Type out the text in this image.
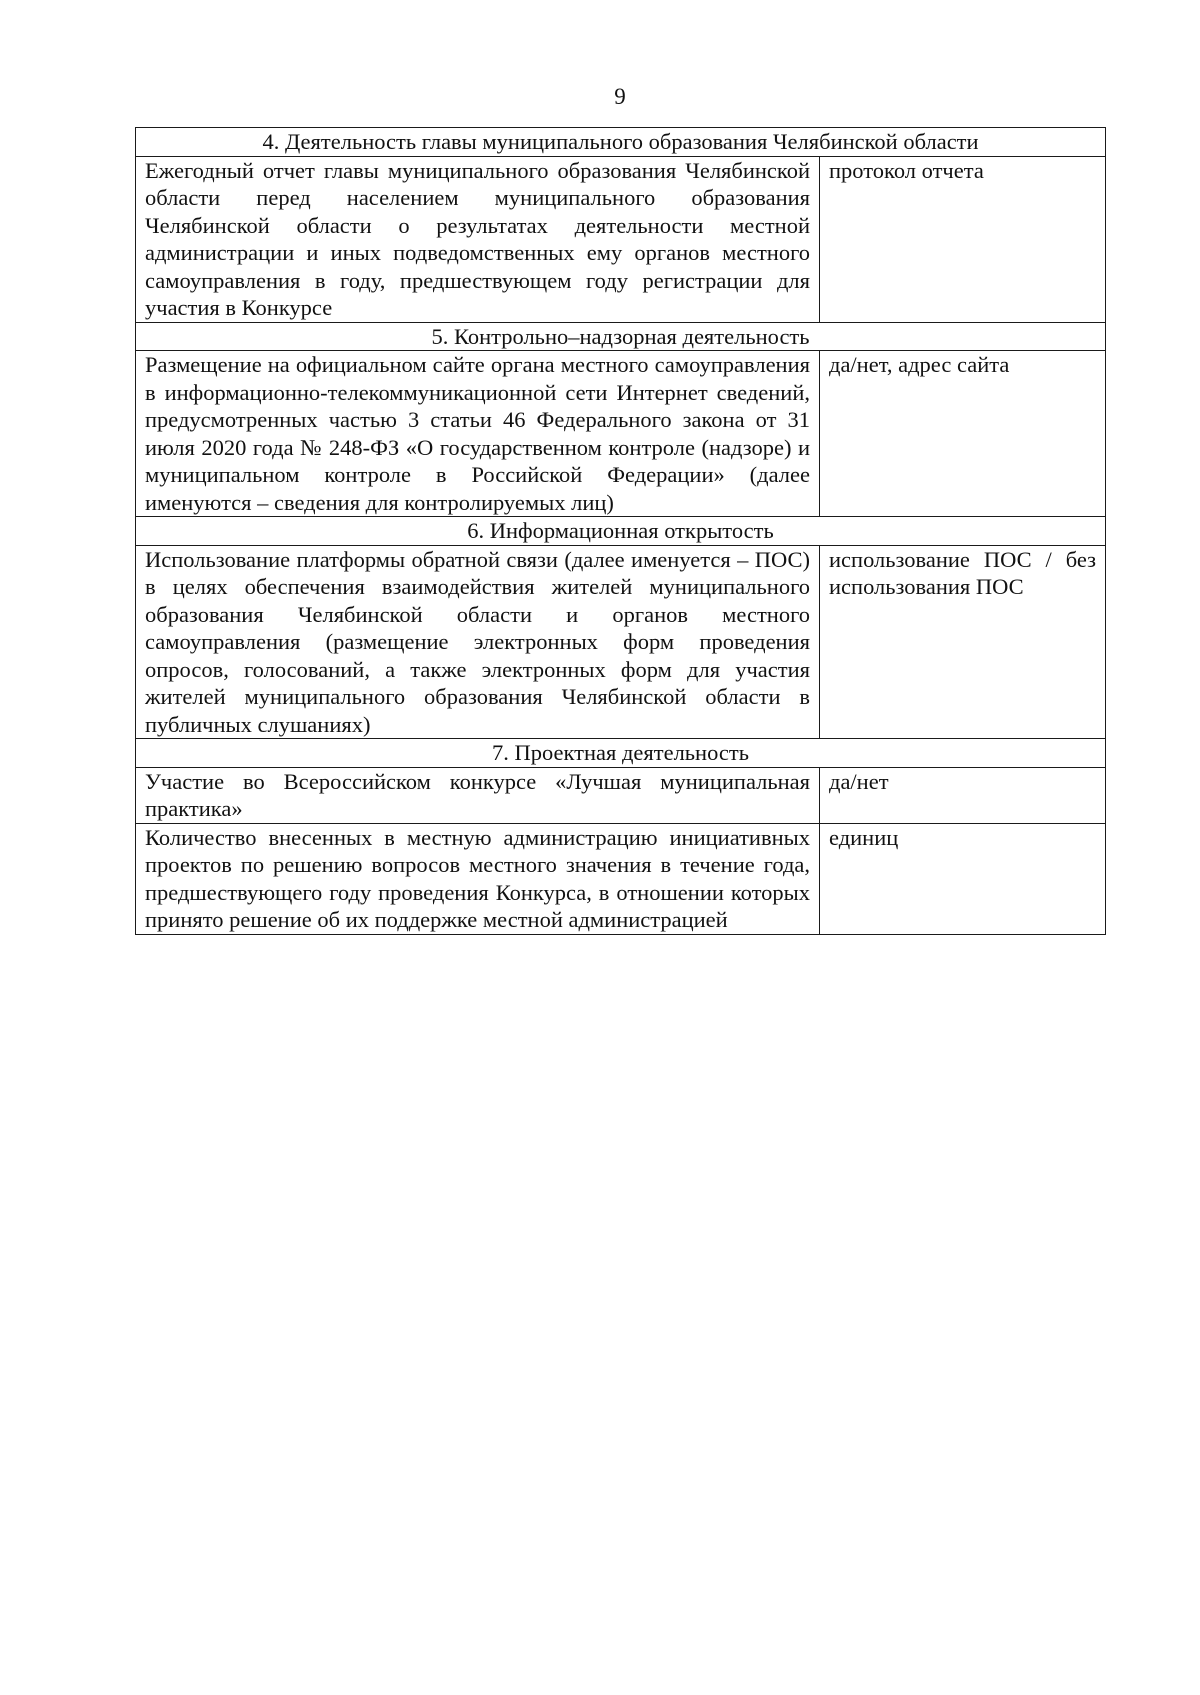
9
4. Деятельность главы муниципального образования Челябинской области	
Ежегодный отчет главы муниципального образования Челябинской области перед населением муниципального образования Челябинской области о результатах деятельности местной администрации и иных подведомственных ему органов местного самоуправления в году, предшествующем году регистрации для участия в Конкурсе	протокол отчета
5. Контрольно–надзорная деятельность	
Размещение на официальном сайте органа местного самоуправления в информационно-телекоммуникационной сети Интернет сведений, предусмотренных частью 3 статьи 46 Федерального закона от 31 июля 2020 года № 248-ФЗ «О государственном контроле (надзоре) и муниципальном контроле в Российской Федерации» (далее именуются – сведения для контролируемых лиц)	да/нет, адрес сайта
6. Информационная открытость	
Использование платформы обратной связи (далее именуется – ПОС) в целях обеспечения взаимодействия жителей муниципального образования Челябинской области и органов местного самоуправления (размещение электронных форм проведения опросов, голосований, а также электронных форм для участия жителей муниципального образования Челябинской области в публичных слушаниях)	использование ПОС / без использования ПОС
7. Проектная деятельность	
Участие во Всероссийском конкурсе «Лучшая муниципальная практика»	да/нет
Количество внесенных в местную администрацию инициативных проектов по решению вопросов местного значения в течение года, предшествующего году проведения Конкурса, в отношении которых принято решение об их поддержке местной администрацией	единиц
